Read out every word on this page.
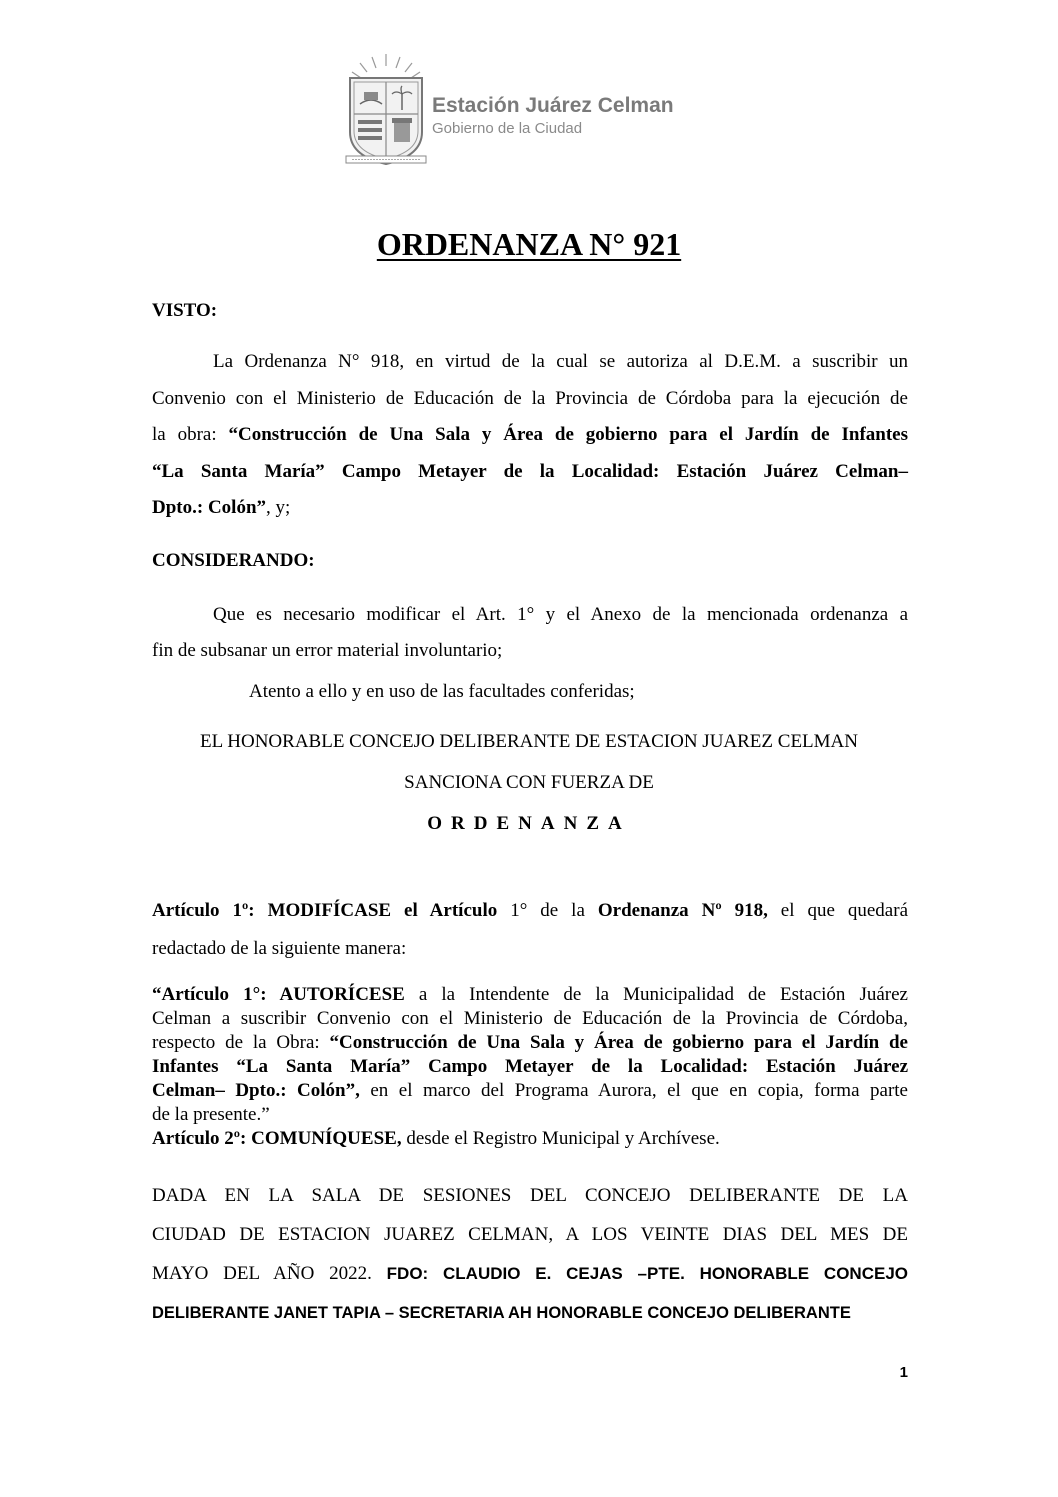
Estación Juárez Celman
Gobierno de la Ciudad
ORDENANZA N° 921
VISTO:
La Ordenanza N° 918, en virtud de la cual se autoriza al D.E.M. a suscribir un
Convenio con el Ministerio de Educación de la Provincia de Córdoba para la ejecución de
la obra: “Construcción de Una Sala y Área de gobierno para el Jardín de Infantes
“La Santa María” Campo Metayer de la Localidad: Estación Juárez Celman–
Dpto.: Colón”, y;
CONSIDERANDO:
Que es necesario modificar el Art. 1° y el Anexo de la mencionada ordenanza a
fin de subsanar un error material involuntario;
Atento a ello y en uso de las facultades conferidas;
EL HONORABLE CONCEJO DELIBERANTE DE ESTACION JUAREZ CELMAN
SANCIONA CON FUERZA DE
ORDENANZA
Artículo 1º: MODIFÍCASE el Artículo 1° de la Ordenanza Nº 918, el que quedará
redactado de la siguiente manera:
“Artículo 1°: AUTORÍCESE a la Intendente de la Municipalidad de Estación Juárez
Celman a suscribir Convenio con el Ministerio de Educación de la Provincia de Córdoba,
respecto de la Obra: “Construcción de Una Sala y Área de gobierno para el Jardín de
Infantes “La Santa María” Campo Metayer de la Localidad: Estación Juárez
Celman– Dpto.: Colón”, en el marco del Programa Aurora, el que en copia, forma parte
de la presente.”
Artículo 2º: COMUNÍQUESE, desde el Registro Municipal y Archívese.
DADA EN LA SALA DE SESIONES DEL CONCEJO DELIBERANTE DE LA
CIUDAD DE ESTACION JUAREZ CELMAN, A LOS VEINTE DIAS DEL MES DE
MAYO DEL AÑO 2022. FDO: CLAUDIO E. CEJAS –PTE. HONORABLE CONCEJO
DELIBERANTE JANET TAPIA – SECRETARIA AH HONORABLE CONCEJO DELIBERANTE
1
